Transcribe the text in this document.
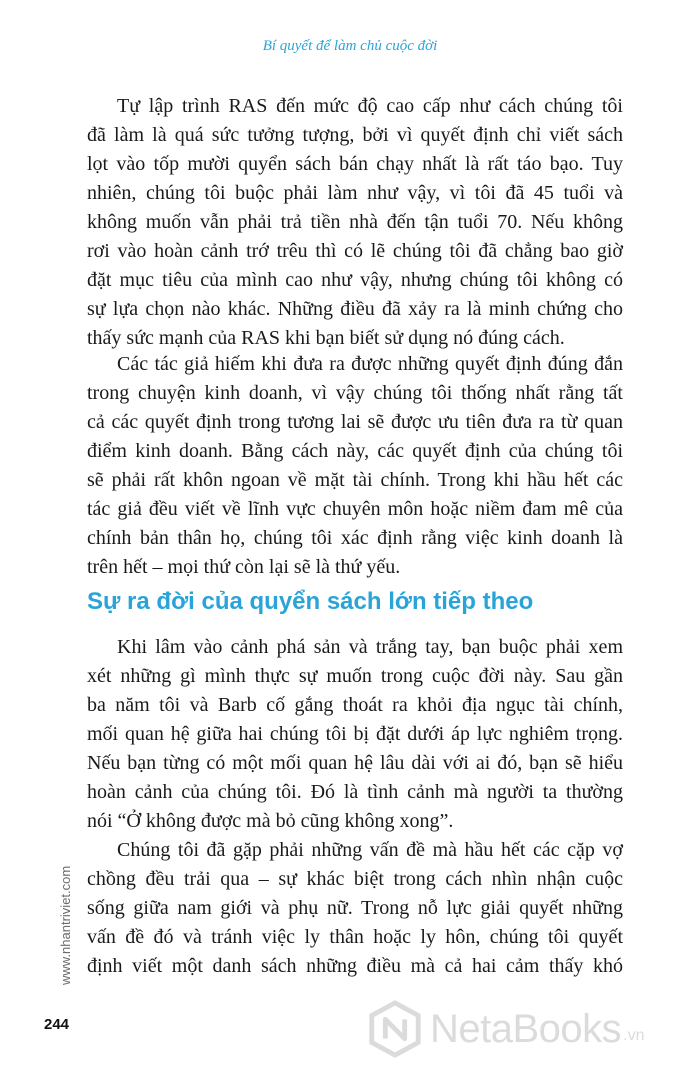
Bí quyết để làm chủ cuộc đời
Tự lập trình RAS đến mức độ cao cấp như cách chúng tôi
đã làm là quá sức tưởng tượng, bởi vì quyết định chỉ viết sách
lọt vào tốp mười quyển sách bán chạy nhất là rất táo bạo. Tuy
nhiên, chúng tôi buộc phải làm như vậy, vì tôi đã 45 tuổi và
không muốn vẫn phải trả tiền nhà đến tận tuổi 70. Nếu không
rơi vào hoàn cảnh trớ trêu thì có lẽ chúng tôi đã chẳng bao giờ
đặt mục tiêu của mình cao như vậy, nhưng chúng tôi không có
sự lựa chọn nào khác. Những điều đã xảy ra là minh chứng cho
thấy sức mạnh của RAS khi bạn biết sử dụng nó đúng cách.
Các tác giả hiếm khi đưa ra được những quyết định đúng đắn
trong chuyện kinh doanh, vì vậy chúng tôi thống nhất rằng tất
cả các quyết định trong tương lai sẽ được ưu tiên đưa ra từ quan
điểm kinh doanh. Bằng cách này, các quyết định của chúng tôi
sẽ phải rất khôn ngoan về mặt tài chính. Trong khi hầu hết các
tác giả đều viết về lĩnh vực chuyên môn hoặc niềm đam mê của
chính bản thân họ, chúng tôi xác định rằng việc kinh doanh là
trên hết – mọi thứ còn lại sẽ là thứ yếu.
Sự ra đời của quyển sách lớn tiếp theo
Khi lâm vào cảnh phá sản và trắng tay, bạn buộc phải xem
xét những gì mình thực sự muốn trong cuộc đời này. Sau gần
ba năm tôi và Barb cố gắng thoát ra khỏi địa ngục tài chính,
mối quan hệ giữa hai chúng tôi bị đặt dưới áp lực nghiêm trọng.
Nếu bạn từng có một mối quan hệ lâu dài với ai đó, bạn sẽ hiểu
hoàn cảnh của chúng tôi. Đó là tình cảnh mà người ta thường
nói “Ở không được mà bỏ cũng không xong”.
Chúng tôi đã gặp phải những vấn đề mà hầu hết các cặp vợ
chồng đều trải qua – sự khác biệt trong cách nhìn nhận cuộc
sống giữa nam giới và phụ nữ. Trong nỗ lực giải quyết những
vấn đề đó và tránh việc ly thân hoặc ly hôn, chúng tôi quyết
định viết một danh sách những điều mà cả hai cảm thấy khó
www.nhantriviet.com
244	NetaBooks .vn
